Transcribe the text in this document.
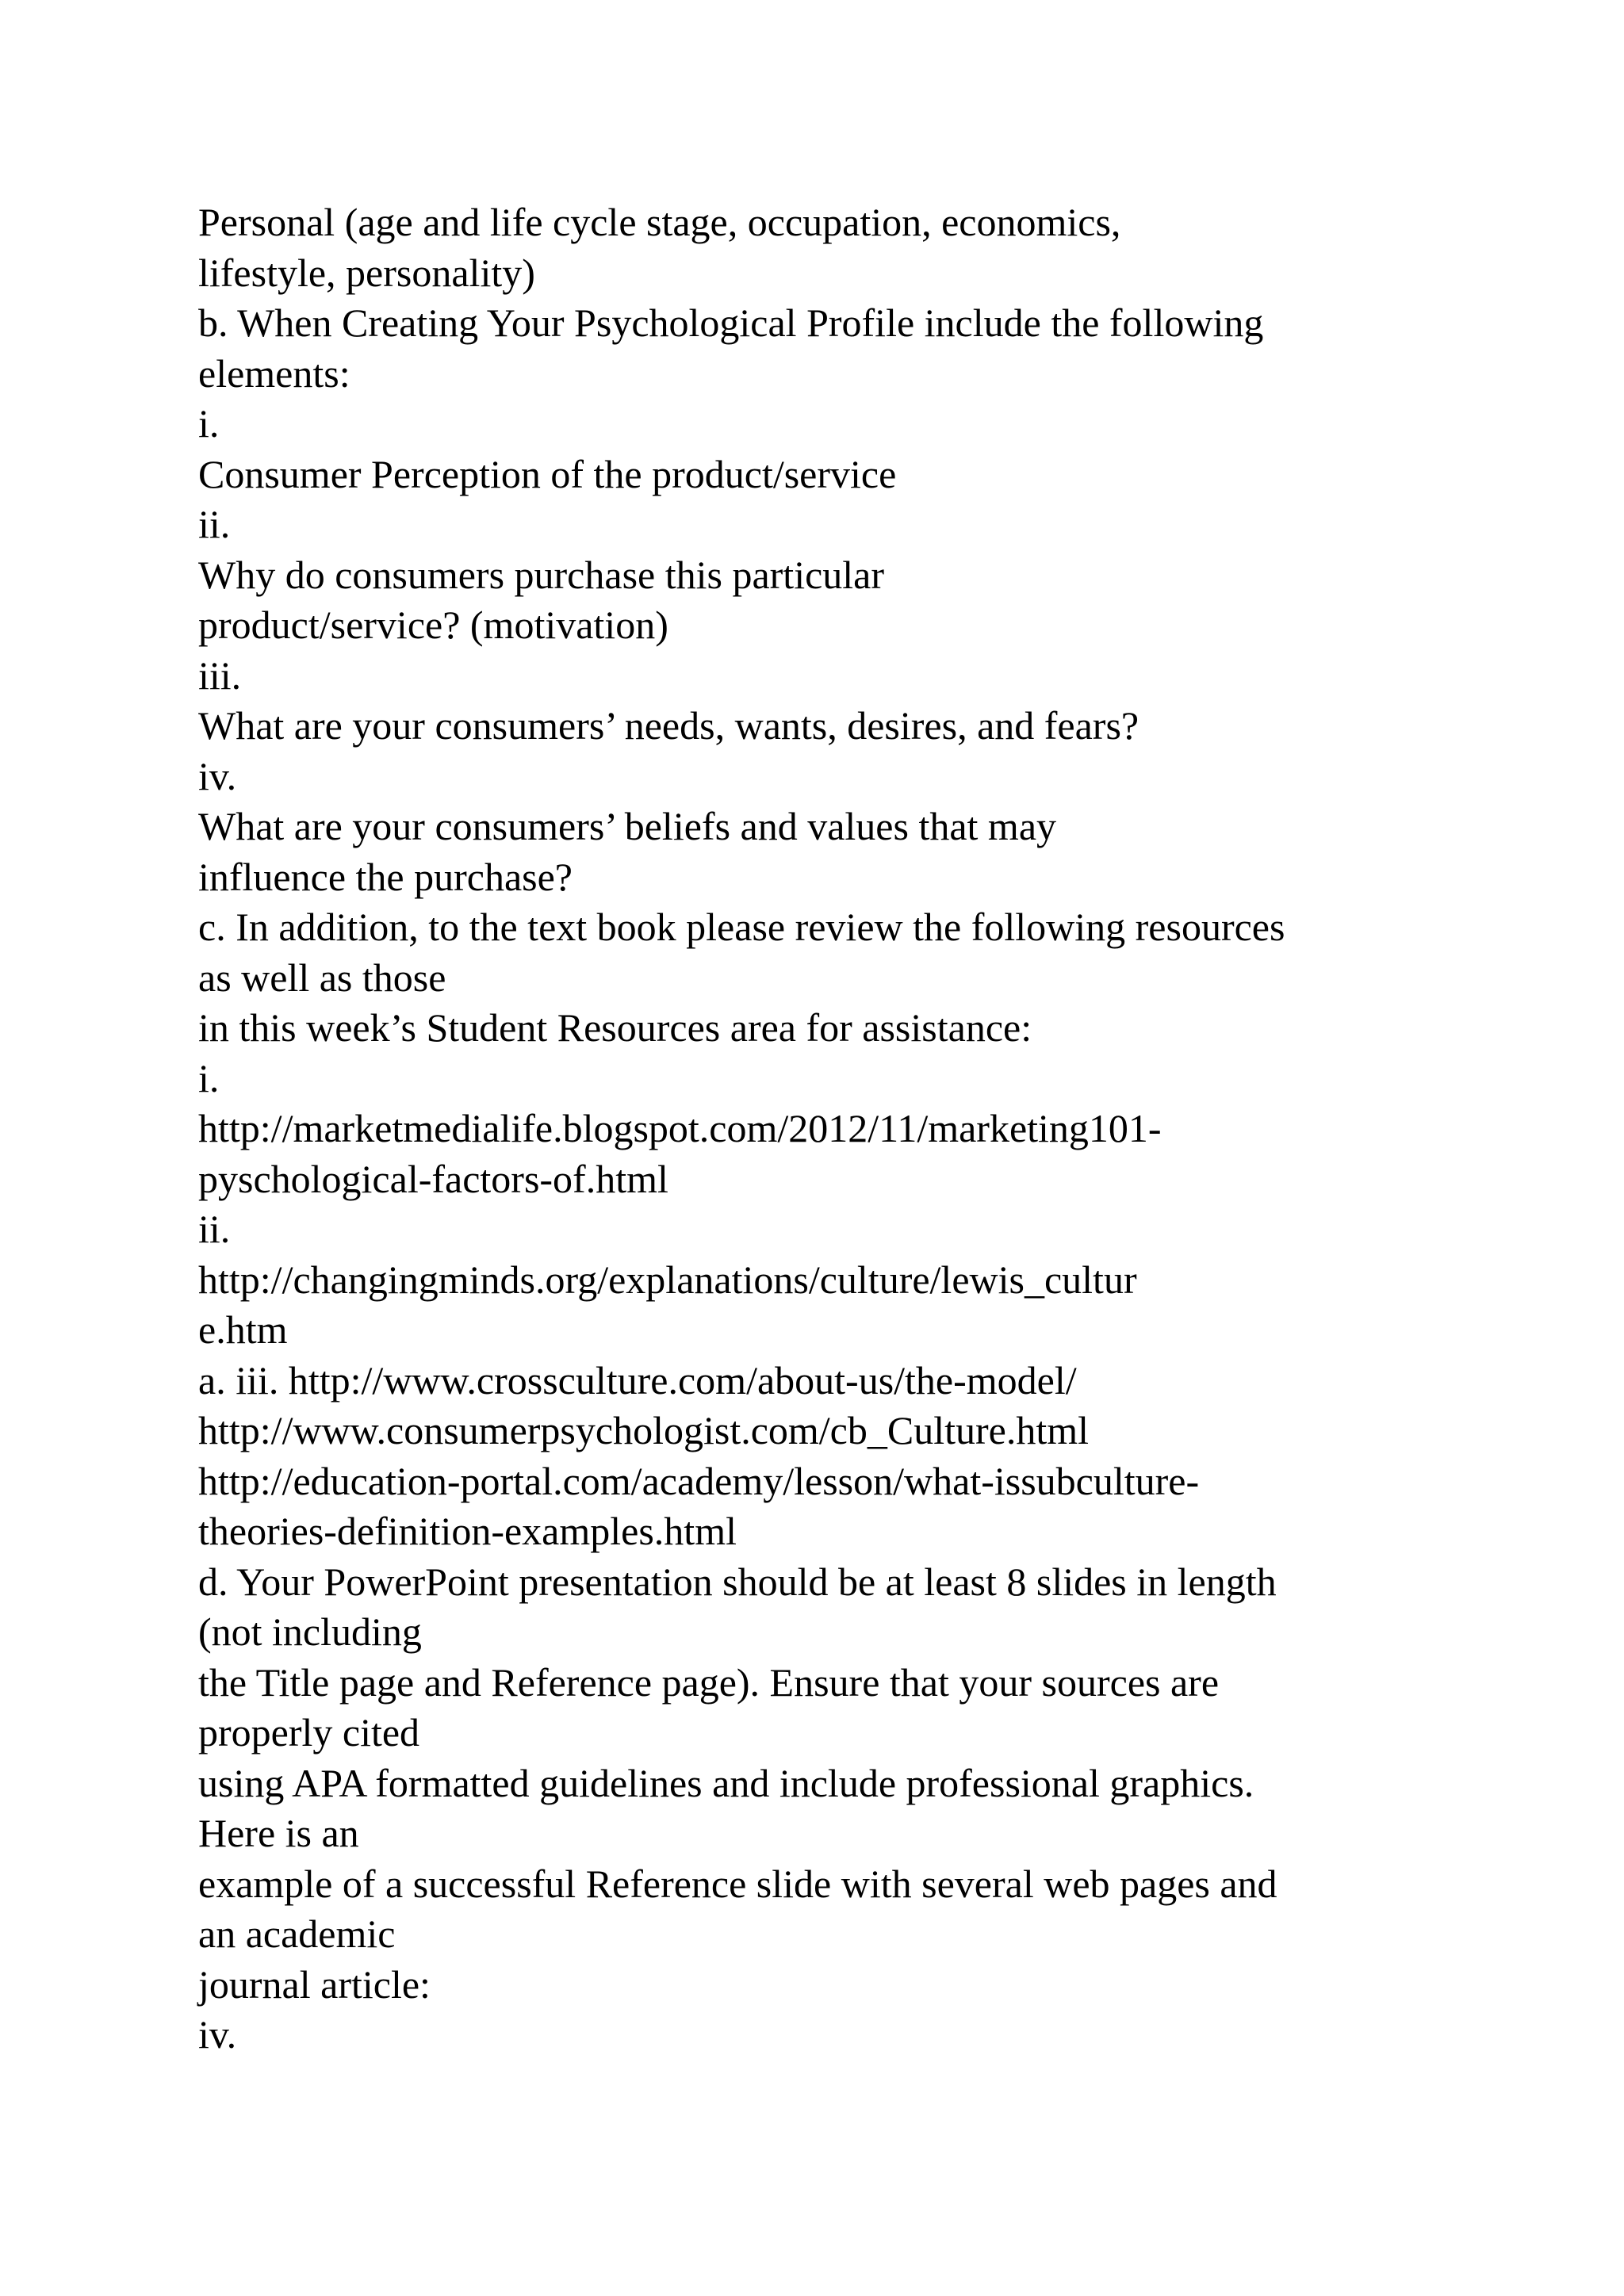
Personal (age and life cycle stage, occupation, economics,
lifestyle, personality)
b. When Creating Your Psychological Profile include the following
elements:
i.
Consumer Perception of the product/service
ii.
Why do consumers purchase this particular
product/service? (motivation)
iii.
What are your consumers’ needs, wants, desires, and fears?
iv.
What are your consumers’ beliefs and values that may
influence the purchase?
c. In addition, to the text book please review the following resources
as well as those
in this week’s Student Resources area for assistance:
i.
http://marketmedialife.blogspot.com/2012/11/marketing101-
pyschological-factors-of.html
ii.
http://changingminds.org/explanations/culture/lewis_cultur
e.htm
a. iii. http://www.crossculture.com/about-us/the-model/
http://www.consumerpsychologist.com/cb_Culture.html
http://education-portal.com/academy/lesson/what-issubculture-
theories-definition-examples.html
d. Your PowerPoint presentation should be at least 8 slides in length
(not including
the Title page and Reference page). Ensure that your sources are
properly cited
using APA formatted guidelines and include professional graphics.
Here is an
example of a successful Reference slide with several web pages and
an academic
journal article:
iv.
